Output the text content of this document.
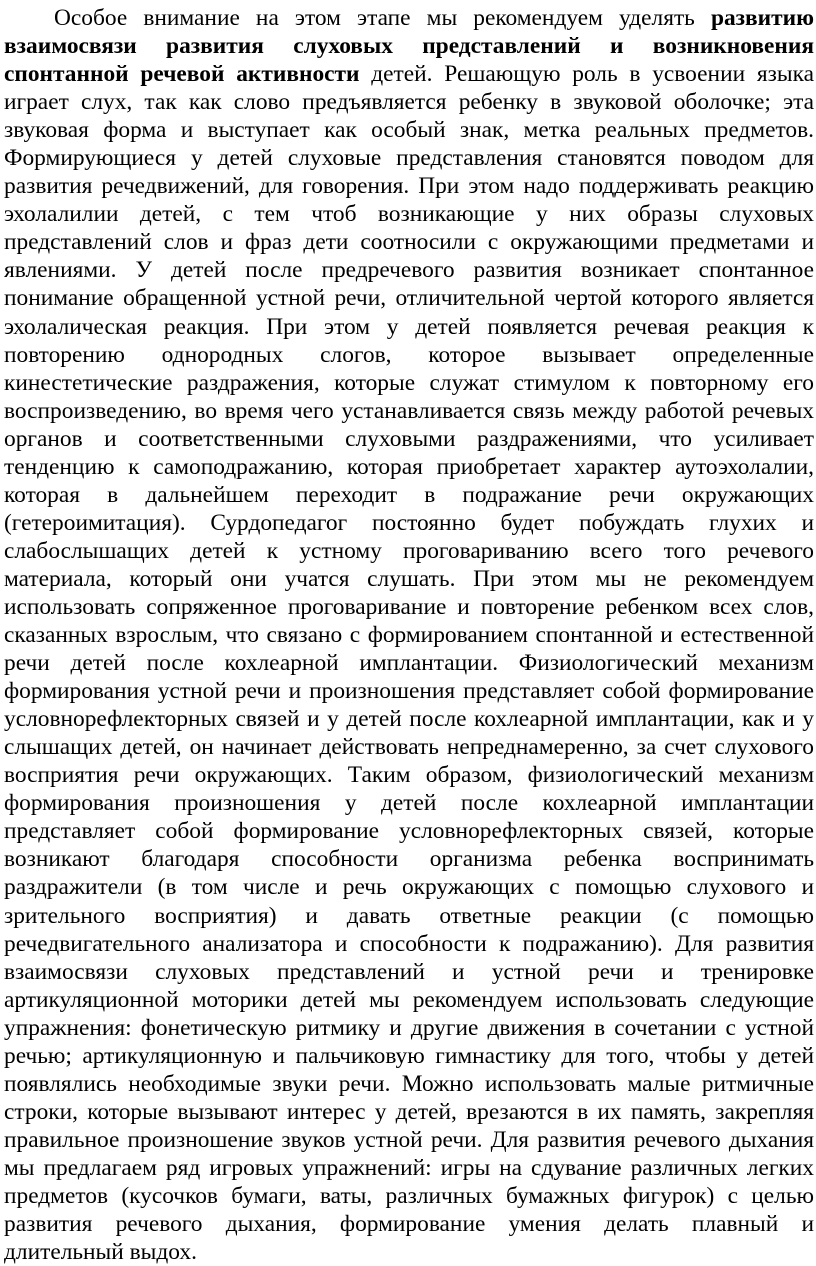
Особое внимание на этом этапе мы рекомендуем уделять развитию взаимосвязи развития слуховых представлений и возникновения спонтанной речевой активности детей. Решающую роль в усвоении языка играет слух, так как слово предъявляется ребенку в звуковой оболочке; эта звуковая форма и выступает как особый знак, метка реальных предметов. Формирующиеся у детей слуховые представления становятся поводом для развития речедвижений, для говорения. При этом надо поддерживать реакцию эхолалилии детей, с тем чтоб возникающие у них образы слуховых представлений слов и фраз дети соотносили с окружающими предметами и явлениями. У детей после предречевого развития возникает спонтанное понимание обращенной устной речи, отличительной чертой которого является эхолалическая реакция. При этом у детей появляется речевая реакция к повторению однородных слогов, которое вызывает определенные кинестетические раздражения, которые служат стимулом к повторному его воспроизведению, во время чего устанавливается связь между работой речевых органов и соответственными слуховыми раздражениями, что усиливает тенденцию к самоподражанию, которая приобретает характер аутоэхолалии, которая в дальнейшем переходит в подражание речи окружающих (гетероимитация). Сурдопедагог постоянно будет побуждать глухих и слабослышащих детей к устному проговариванию всего того речевого материала, который они учатся слушать. При этом мы не рекомендуем использовать сопряженное проговаривание и повторение ребенком всех слов, сказанных взрослым, что связано с формированием спонтанной и естественной речи детей после кохлеарной имплантации. Физиологический механизм формирования устной речи и произношения представляет собой формирование условнорефлекторных связей и у детей после кохлеарной имплантации, как и у слышащих детей, он начинает действовать непреднамеренно, за счет слухового восприятия речи окружающих. Таким образом, физиологический механизм формирования произношения у детей после кохлеарной имплантации представляет собой формирование условнорефлекторных связей, которые возникают благодаря способности организма ребенка воспринимать раздражители (в том числе и речь окружающих с помощью слухового и зрительного восприятия) и давать ответные реакции (с помощью речедвигательного анализатора и способности к подражанию). Для развития взаимосвязи слуховых представлений и устной речи и тренировке артикуляционной моторики детей мы рекомендуем использовать следующие упражнения: фонетическую ритмику и другие движения в сочетании с устной речью; артикуляционную и пальчиковую гимнастику для того, чтобы у детей появлялись необходимые звуки речи. Можно использовать малые ритмичные строки, которые вызывают интерес у детей, врезаются в их память, закрепляя правильное произношение звуков устной речи. Для развития речевого дыхания мы предлагаем ряд игровых упражнений: игры на сдувание различных легких предметов (кусочков бумаги, ваты, различных бумажных фигурок) с целью развития речевого дыхания, формирование умения делать плавный и длительный выдох.
